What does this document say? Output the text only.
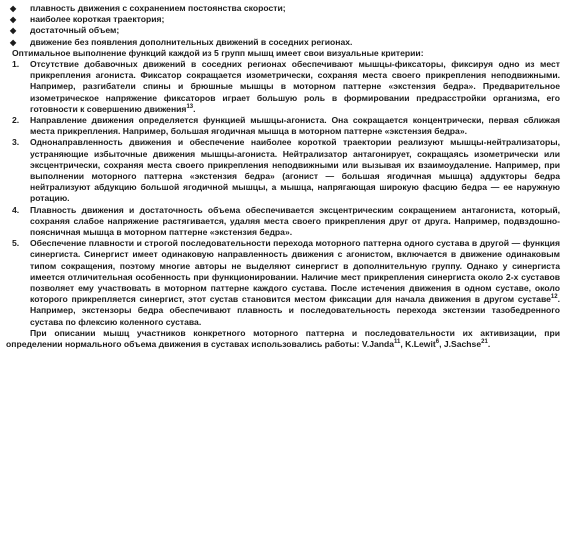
◆ плавность движения с сохранением постоянства скорости;
◆ наиболее короткая траектория;
◆ достаточный объем;
◆ движение без появления дополнительных движений в соседних регионах.

Оптимальное выполнение функций каждой из 5 групп мышц имеет свои визуальные критерии:

1. Отсутствие добавочных движений в соседних регионах обеспечивают мышцы-фиксаторы, фиксируя одно из мест прикрепления агониста. Фиксатор сокращается изометрически, сохраняя места своего прикрепления неподвижными. Например, разгибатели спины и брюшные мышцы в моторном паттерне «экстензия бедра». Предварительное изометрическое напряжение фиксаторов играет большую роль в формировании предрасстройки организма, его готовности к совершению движения$^{13}$.
2. Направление движения определяется функцией мышцы-агониста. Она сокращается концентрически, первая сближая места прикрепления. Например, большая ягодичная мышца в моторном паттерне «экстензия бедра».
3. Однонаправленность движения и обеспечение наиболее короткой траектории реализуют мышцы-нейтрализаторы, устраняющие избыточные движения мышцы-агониста. Нейтрализатор антагонирует, сокращаясь изометрически или эксцентрически, сохраняя места своего прикрепления неподвижными или вызывая их взаимоудаление. Например, при выполнении моторного паттерна «экстензия бедра» (агонист — большая ягодичная мышца) аддукторы бедра нейтрализуют абдукцию большой ягодичной мышцы, а мышца, напрягающая широкую фасцию бедра — ее наружную ротацию.
4. Плавность движения и достаточность объема обеспечивается эксцентрическим сокращением антагониста, который, сохраняя слабое напряжение растягивается, удаляя места своего прикрепления друг от друга. Например, подвздошно-поясничная мышца в моторном паттерне «экстензия бедра».
5. Обеспечение плавности и строгой последовательности перехода моторного паттерна одного сустава в другой — функция синергиста. Синергист имеет одинаковую направленность движения с агонистом, включается в движение одинаковым типом сокращения, поэтому многие авторы не выделяют синергист в дополнительную группу. Однако у синергиста имеется отличительная особенность при функционировании. Наличие мест прикрепления синергиста около 2-х суставов позволяет ему участвовать в моторном паттерне каждого сустава. После истечения движения в одном суставе, около которого прикрепляется синергист, этот сустав становится местом фиксации для начала движения в другом суставе$^{12}$. Например, экстензоры бедра обеспечивают плавность и последовательность перехода экстензии тазобедренного сустава по флексию коленного сустава.

При описании мышц участников конкретного моторного паттерна и последовательности их активизации, при определении нормального объема движения в суставах использовались работы: V.Janda$^{11}$, K.Lewit$^6$, J.Sachse$^{21}$.
